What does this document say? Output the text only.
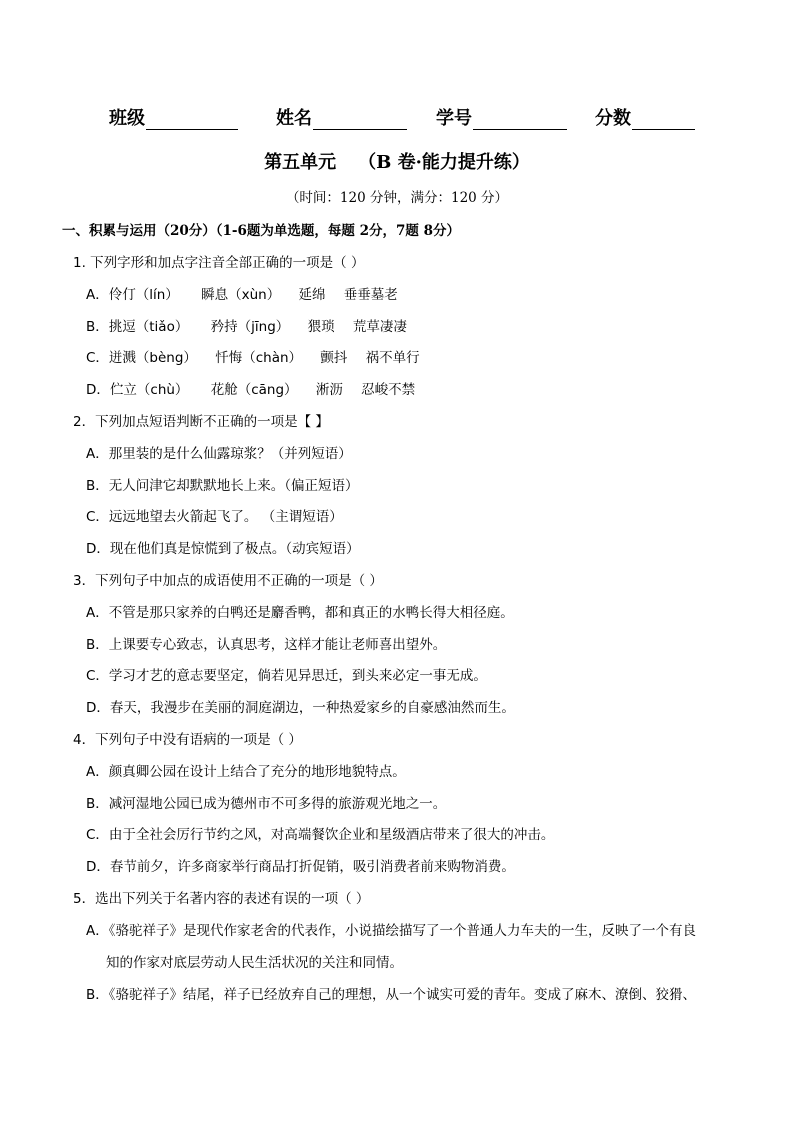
班级	姓名	学号	分数
第五单元 （B 卷·能力提升练）
（时间：120 分钟，满分：120 分）
一、积累与运用（20分）（1-6题为单选题，每题 2分，7题 8分）
1. 下列字形和加点字注音全部正确的一项是（ ）
A．伶仃（lín） 瞬息（xùn） 延绵 垂垂墓老
B．挑逗（tiǎo） 矜持（jīng） 猥琐 荒草凄凄
C．迸溅（bèng） 忏悔（chàn） 颤抖 祸不单行
D．伫立（chù） 花舱（cāng） 淅沥 忍峻不禁
2．下列加点短语判断不正确的一项是【 】
A．那里装的是什么仙露琼浆？（并列短语）
B．无人问津它却默默地长上来。（偏正短语）
C．远远地望去火箭起飞了。 （主谓短语）
D．现在他们真是惊慌到了极点。（动宾短语）
3．下列句子中加点的成语使用不正确的一项是（ ）
A．不管是那只家养的白鸭还是麝香鸭，都和真正的水鸭长得大相径庭。
B．上课要专心致志，认真思考，这样才能让老师喜出望外。
C．学习才艺的意志要坚定，倘若见异思迁，到头来必定一事无成。
D．春天，我漫步在美丽的洞庭湖边，一种热爱家乡的自豪感油然而生。
4．下列句子中没有语病的一项是（ ）
A．颜真卿公园在设计上结合了充分的地形地貌特点。
B．减河湿地公园已成为德州市不可多得的旅游观光地之一。
C．由于全社会厉行节约之风，对高端餐饮企业和星级酒店带来了很大的冲击。
D．春节前夕，许多商家举行商品打折促销，吸引消费者前来购物消费。
5．选出下列关于名著内容的表述有误的一项（ ）
A．《骆驼祥子》是现代作家老舍的代表作，小说描绘描写了一个普通人力车夫的一生，反映了一个有良
知的作家对底层劳动人民生活状况的关注和同情。
B．《骆驼祥子》结尾，祥子已经放弃自己的理想，从一个诚实可爱的青年。变成了麻木、潦倒、狡猾、
